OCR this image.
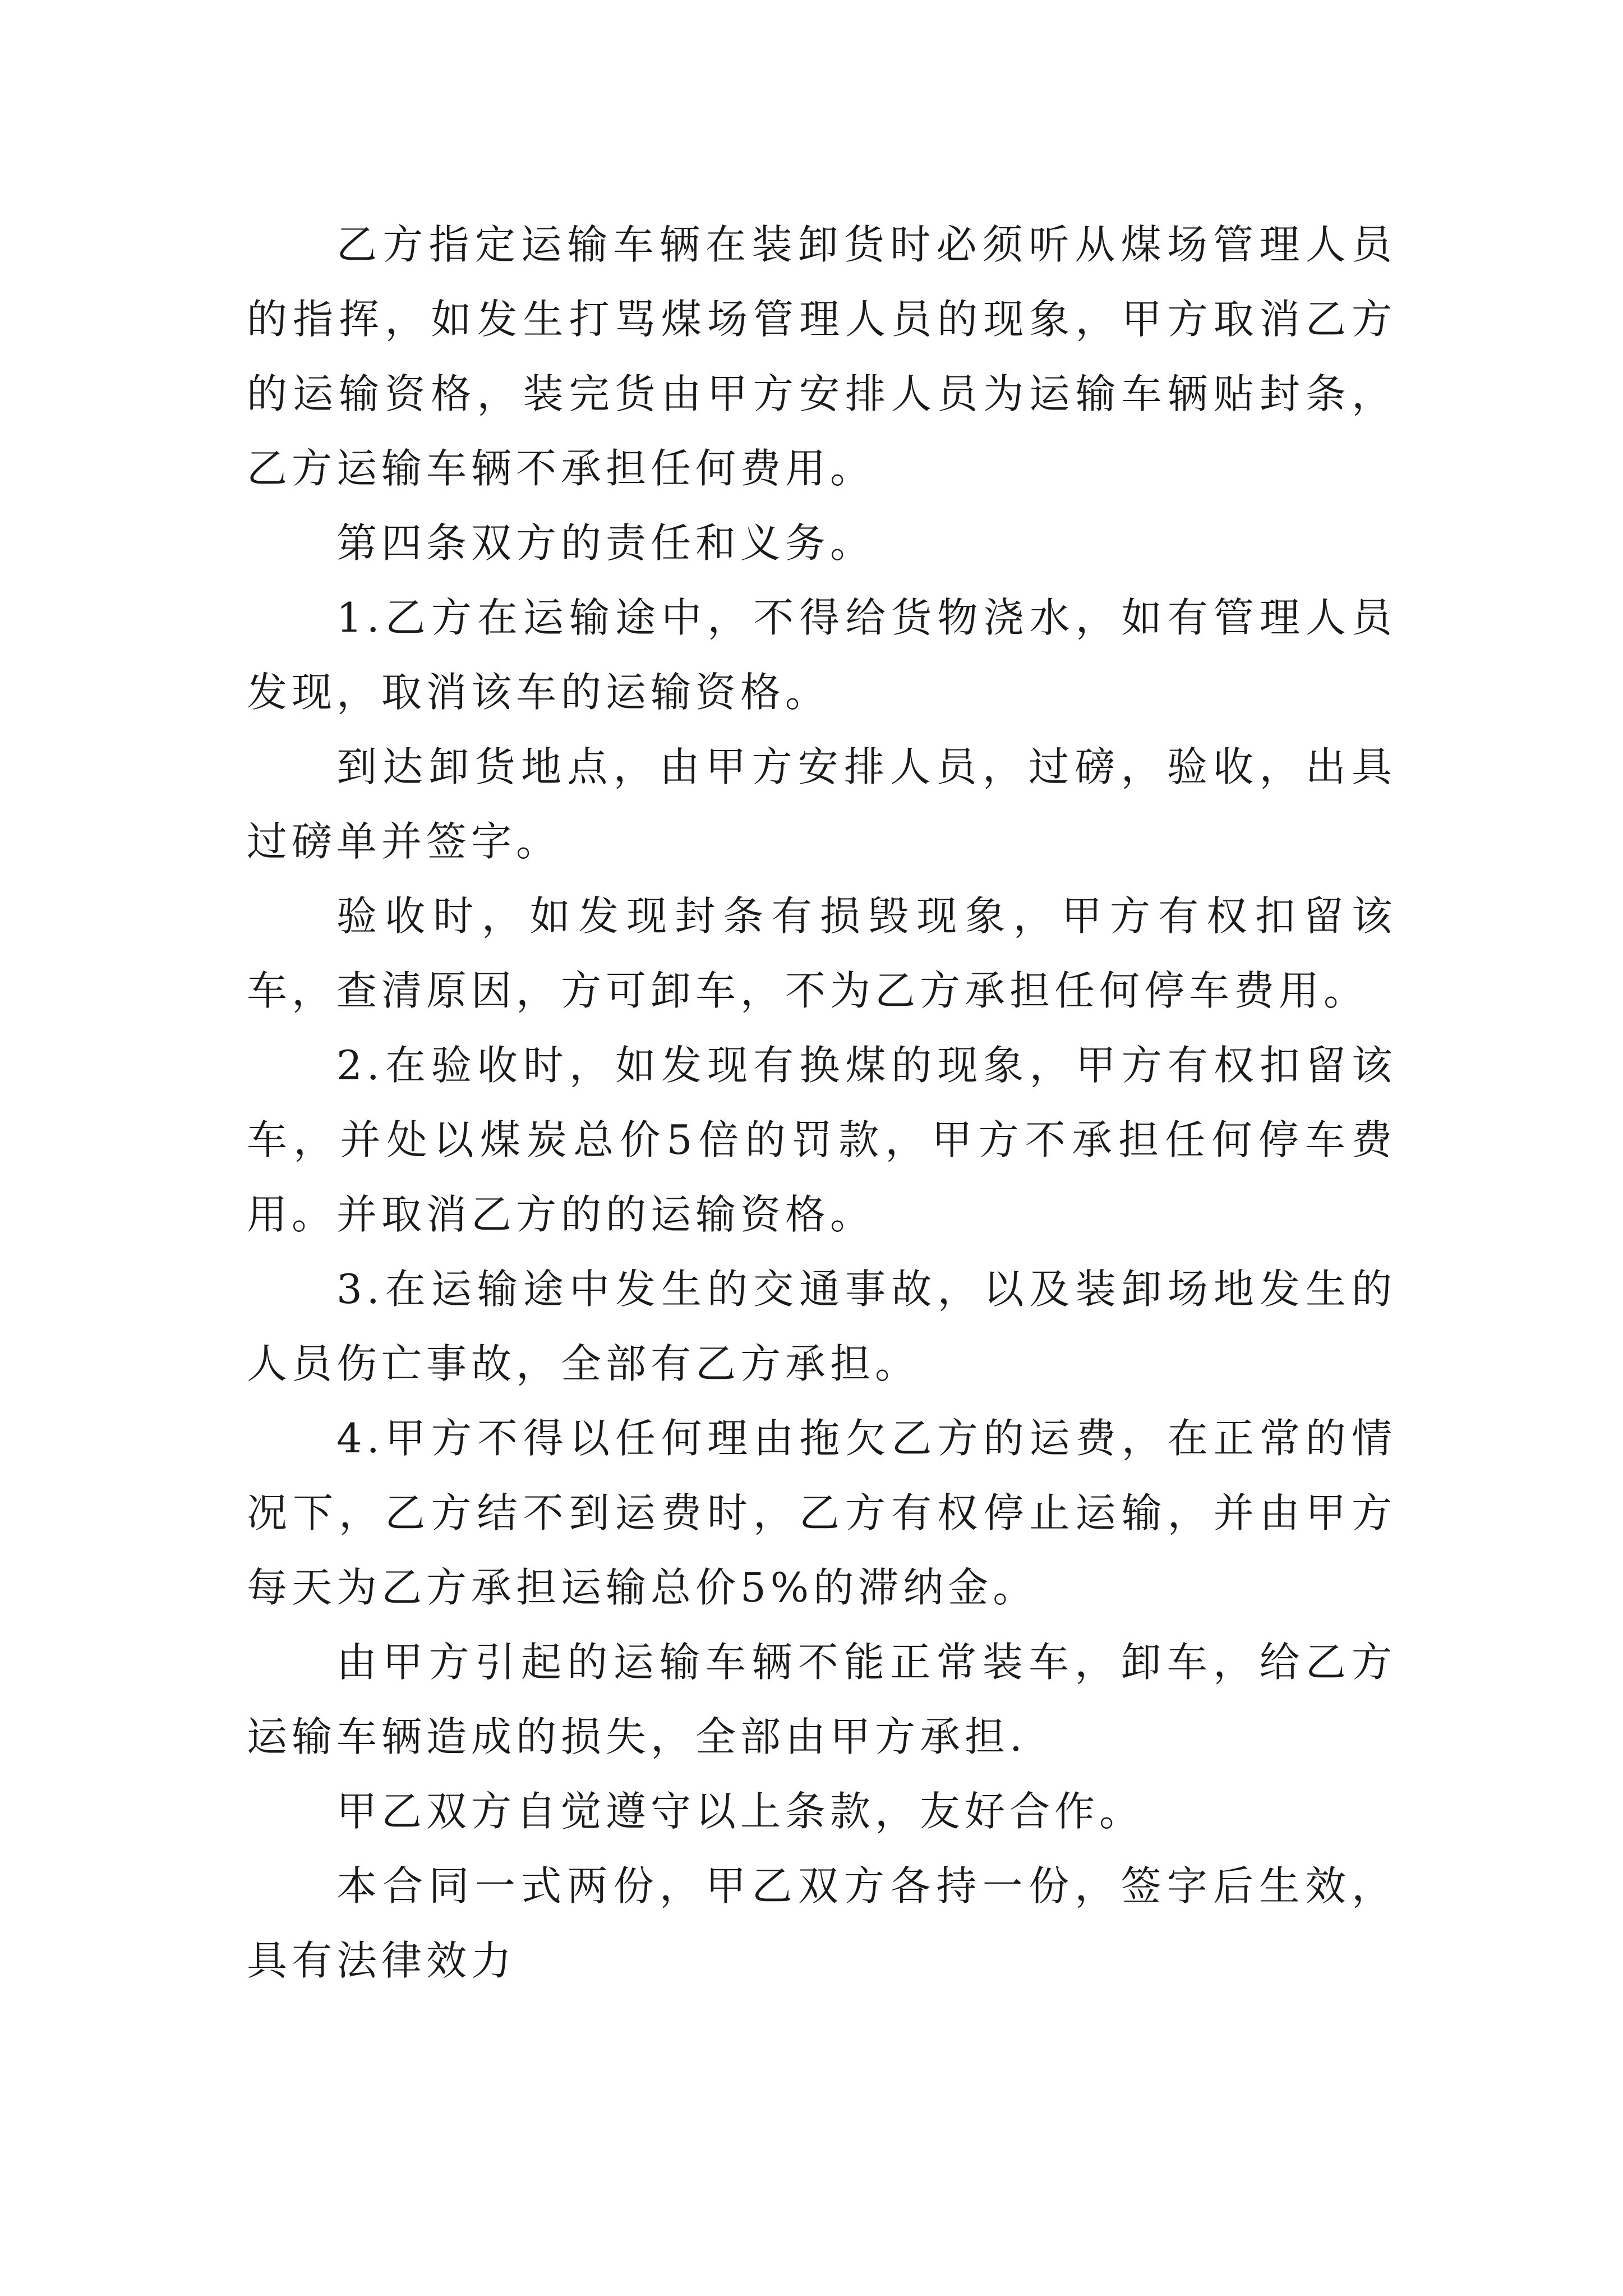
乙方指定运输车辆在装卸货时必须听从煤场管理人员的指挥，如发生打骂煤场管理人员的现象，甲方取消乙方的运输资格，装完货由甲方安排人员为运输车辆贴封条，乙方运输车辆不承担任何费用。

第四条双方的责任和义务。

1.乙方在运输途中，不得给货物浇水，如有管理人员发现，取消该车的运输资格。

到达卸货地点，由甲方安排人员，过磅，验收，出具过磅单并签字。

验收时，如发现封条有损毁现象，甲方有权扣留该车，查清原因，方可卸车，不为乙方承担任何停车费用。

2.在验收时，如发现有换煤的现象，甲方有权扣留该车，并处以煤炭总价5倍的罚款，甲方不承担任何停车费用。并取消乙方的的运输资格。

3.在运输途中发生的交通事故，以及装卸场地发生的人员伤亡事故，全部有乙方承担。

4.甲方不得以任何理由拖欠乙方的运费，在正常的情况下，乙方结不到运费时，乙方有权停止运输，并由甲方每天为乙方承担运输总价5%的滞纳金。

由甲方引起的运输车辆不能正常装车，卸车，给乙方运输车辆造成的损失，全部由甲方承担.

甲乙双方自觉遵守以上条款，友好合作。

本合同一式两份，甲乙双方各持一份，签字后生效，具有法律效力
